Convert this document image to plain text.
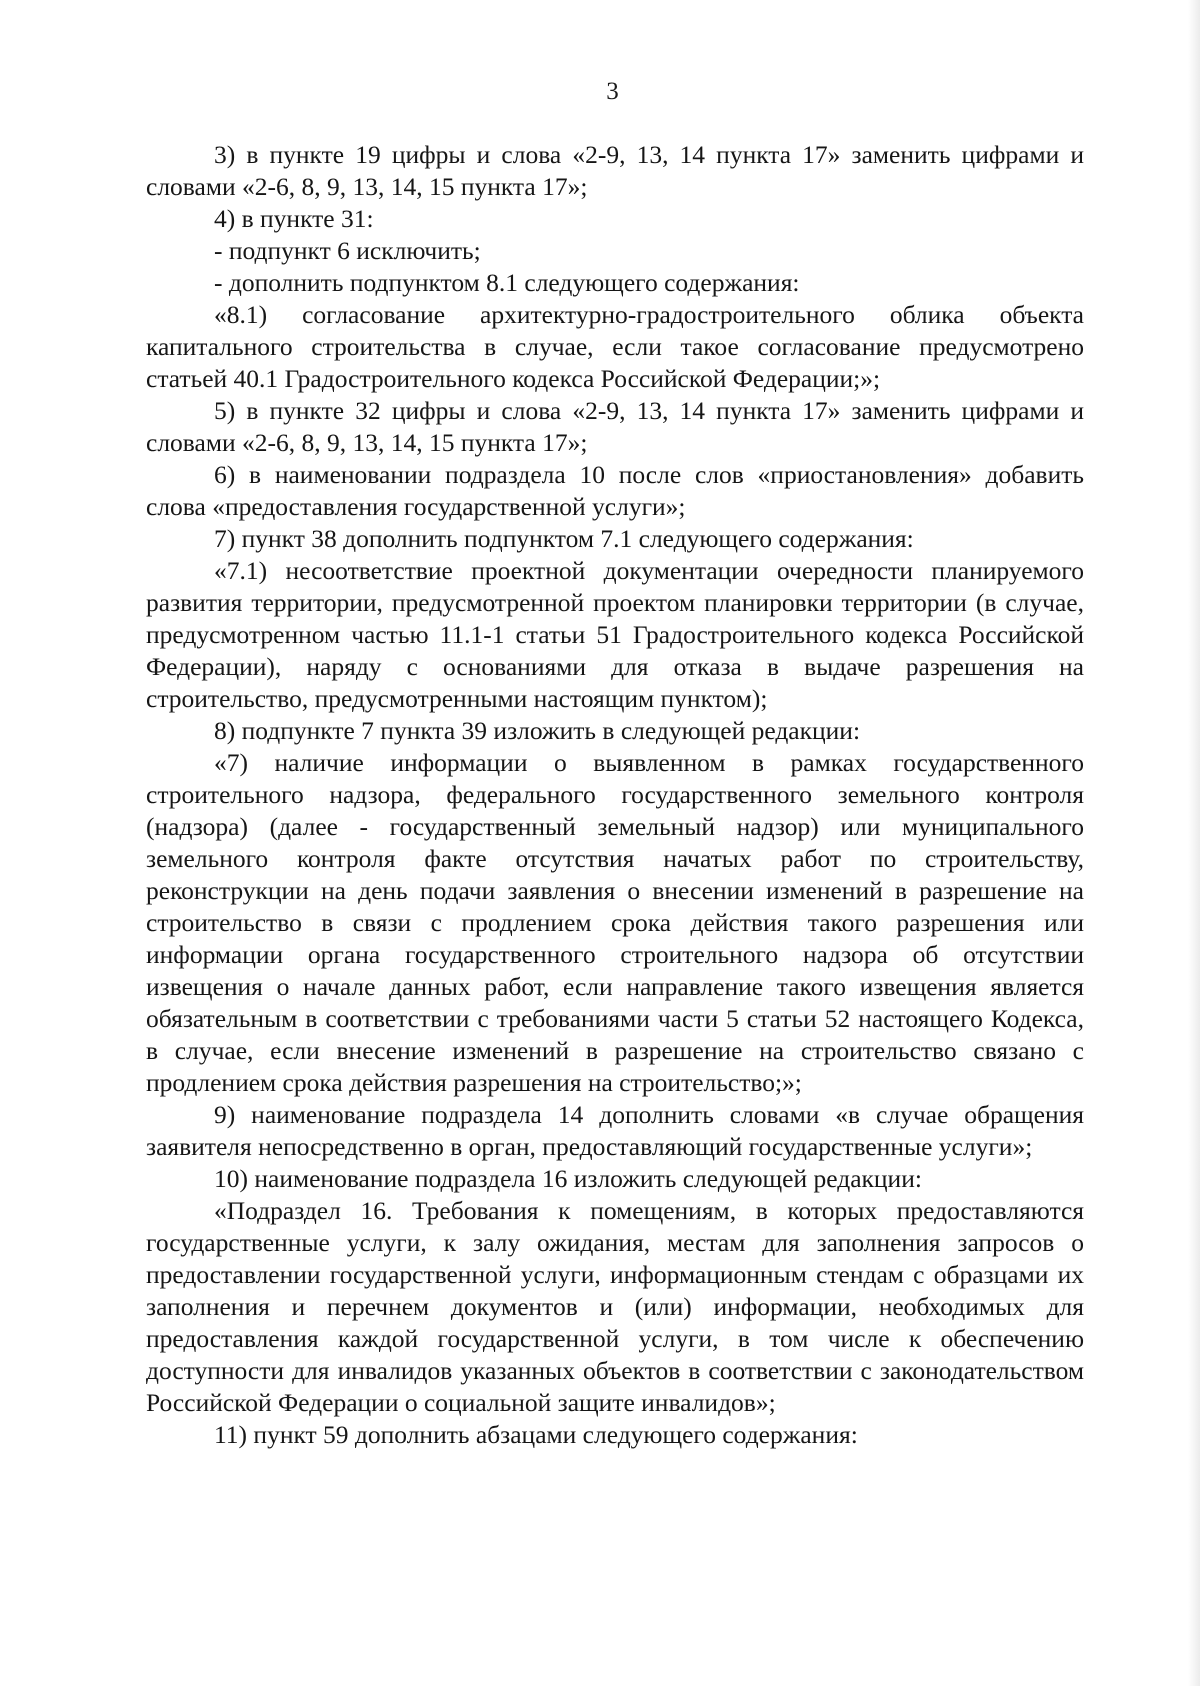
3

3) в пункте 19 цифры и слова «2-9, 13, 14 пункта 17» заменить цифрами и словами «2-6, 8, 9, 13, 14, 15 пункта 17»;

4) в пункте 31:

- подпункт 6 исключить;

- дополнить подпунктом 8.1 следующего содержания:

«8.1) согласование архитектурно-градостроительного облика объекта капитального строительства в случае, если такое согласование предусмотрено статьей 40.1 Градостроительного кодекса Российской Федерации;»;

5) в пункте 32 цифры и слова «2-9, 13, 14 пункта 17» заменить цифрами и словами «2-6, 8, 9, 13, 14, 15 пункта 17»;

6) в наименовании подраздела 10 после слов «приостановления» добавить слова «предоставления государственной услуги»;

7) пункт 38 дополнить подпунктом 7.1 следующего содержания:

«7.1) несоответствие проектной документации очередности планируемого развития территории, предусмотренной проектом планировки территории (в случае, предусмотренном частью 11.1-1 статьи 51 Градостроительного кодекса Российской Федерации), наряду с основаниями для отказа в выдаче разрешения на строительство, предусмотренными настоящим пунктом);

8) подпункте 7 пункта 39 изложить в следующей редакции:

«7) наличие информации о выявленном в рамках государственного строительного надзора, федерального государственного земельного контроля (надзора) (далее - государственный земельный надзор) или муниципального земельного контроля факте отсутствия начатых работ по строительству, реконструкции на день подачи заявления о внесении изменений в разрешение на строительство в связи с продлением срока действия такого разрешения или информации органа государственного строительного надзора об отсутствии извещения о начале данных работ, если направление такого извещения является обязательным в соответствии с требованиями части 5 статьи 52 настоящего Кодекса, в случае, если внесение изменений в разрешение на строительство связано с продлением срока действия разрешения на строительство;»;

9) наименование подраздела 14 дополнить словами «в случае обращения заявителя непосредственно в орган, предоставляющий государственные услуги»;

10) наименование подраздела 16 изложить следующей редакции:

«Подраздел 16. Требования к помещениям, в которых предоставляются государственные услуги, к залу ожидания, местам для заполнения запросов о предоставлении государственной услуги, информационным стендам с образцами их заполнения и перечнем документов и (или) информации, необходимых для предоставления каждой государственной услуги, в том числе к обеспечению доступности для инвалидов указанных объектов в соответствии с законодательством Российской Федерации о социальной защите инвалидов»;

11) пункт 59 дополнить абзацами следующего содержания:
